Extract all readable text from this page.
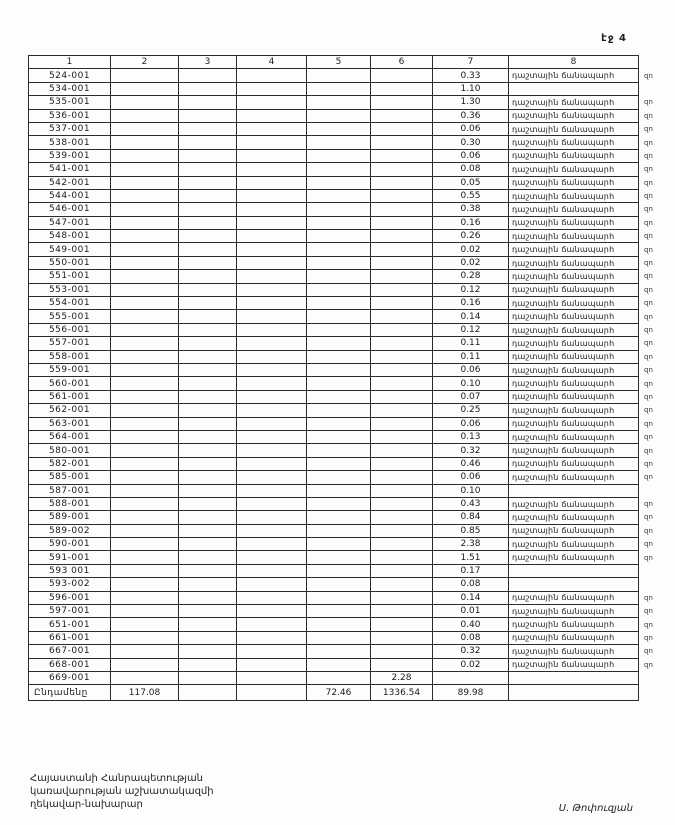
էջ 4
1	2	3	4	5	6	7	8	
524-001						0.33	դաշտային ճանապարհ	զո
534-001						1.10		
535-001						1.30	դաշտային ճանապարհ	զո
536-001						0.36	դաշտային ճանապարհ	զո
537-001						0.06	դաշտային ճանապարհ	զո
538-001						0.30	դաշտային ճանապարհ	զո
539-001						0.06	դաշտային ճանապարհ	զո
541-001						0.08	դաշտային ճանապարհ	զո
542-001						0.05	դաշտային ճանապարհ	զո
544-001						0.55	դաշտային ճանապարհ	զո
546-001						0.38	դաշտային ճանապարհ	զո
547-001						0.16	դաշտային ճանապարհ	զո
548-001						0.26	դաշտային ճանապարհ	զո
549-001						0.02	դաշտային ճանապարհ	զո
550-001						0.02	դաշտային ճանապարհ	զո
551-001						0.28	դաշտային ճանապարհ	զո
553-001						0.12	դաշտային ճանապարհ	զո
554-001						0.16	դաշտային ճանապարհ	զո
555-001						0.14	դաշտային ճանապարհ	զո
556-001						0.12	դաշտային ճանապարհ	զո
557-001						0.11	դաշտային ճանապարհ	զո
558-001						0.11	դաշտային ճանապարհ	զո
559-001						0.06	դաշտային ճանապարհ	զո
560-001						0.10	դաշտային ճանապարհ	զո
561-001						0.07	դաշտային ճանապարհ	զո
562-001						0.25	դաշտային ճանապարհ	զո
563-001						0.06	դաշտային ճանապարհ	զո
564-001						0.13	դաշտային ճանապարհ	զո
580-001						0.32	դաշտային ճանապարհ	զո
582-001						0.46	դաշտային ճանապարհ	զո
585-001						0.06	դաշտային ճանապարհ	զո
587-001						0.10		
588-001						0.43	դաշտային ճանապարհ	զո
589-001						0.84	դաշտային ճանապարհ	զո
589-002						0.85	դաշտային ճանապարհ	զո
590-001						2.38	դաշտային ճանապարհ	զո
591-001						1.51	դաշտային ճանապարհ	զո
593 001						0.17		
593-002						0.08		
596-001						0.14	դաշտային ճանապարհ	զո
597-001						0.01	դաշտային ճանապարհ	զո
651-001						0.40	դաշտային ճանապարհ	զո
661-001						0.08	դաշտային ճանապարհ	զո
667-001						0.32	դաշտային ճանապարհ	զո
668-001						0.02	դաշտային ճանապարհ	զո
669-001					2.28			
Ընդամենը	117.08			72.46	1336.54	89.98		
Հայաստանի Հանրապետության
կառավարության աշխատակազմի
ղեկավար-նախարար	Ս. Թոփուզյան
